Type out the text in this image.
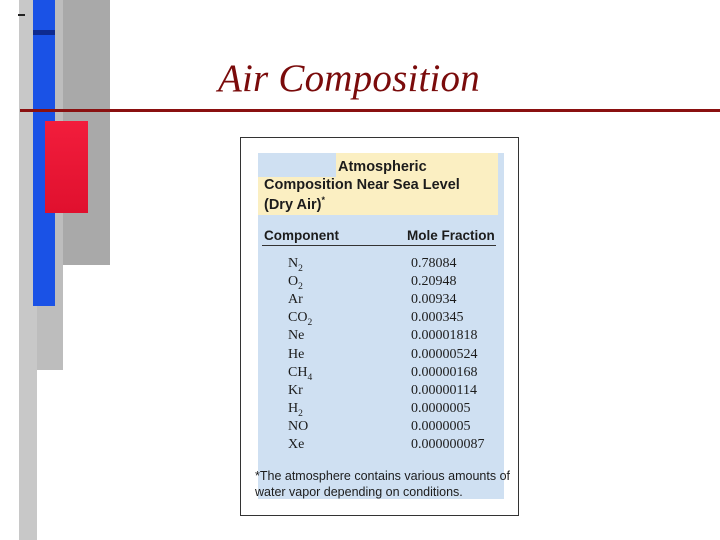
Air Composition
Atmospheric
Composition Near Sea Level
(Dry Air)*
Component	Mole Fraction
$N_2$	0.78084
$O_2$	0.20948
Ar	0.00934
$CO_2$	0.000345
Ne	0.00001818
He	0.00000524
$CH_4$	0.00000168
Kr	0.00000114
$H_2$	0.0000005
NO	0.0000005
Xe	0.000000087
*The atmosphere contains various amounts of water vapor depending on conditions.
